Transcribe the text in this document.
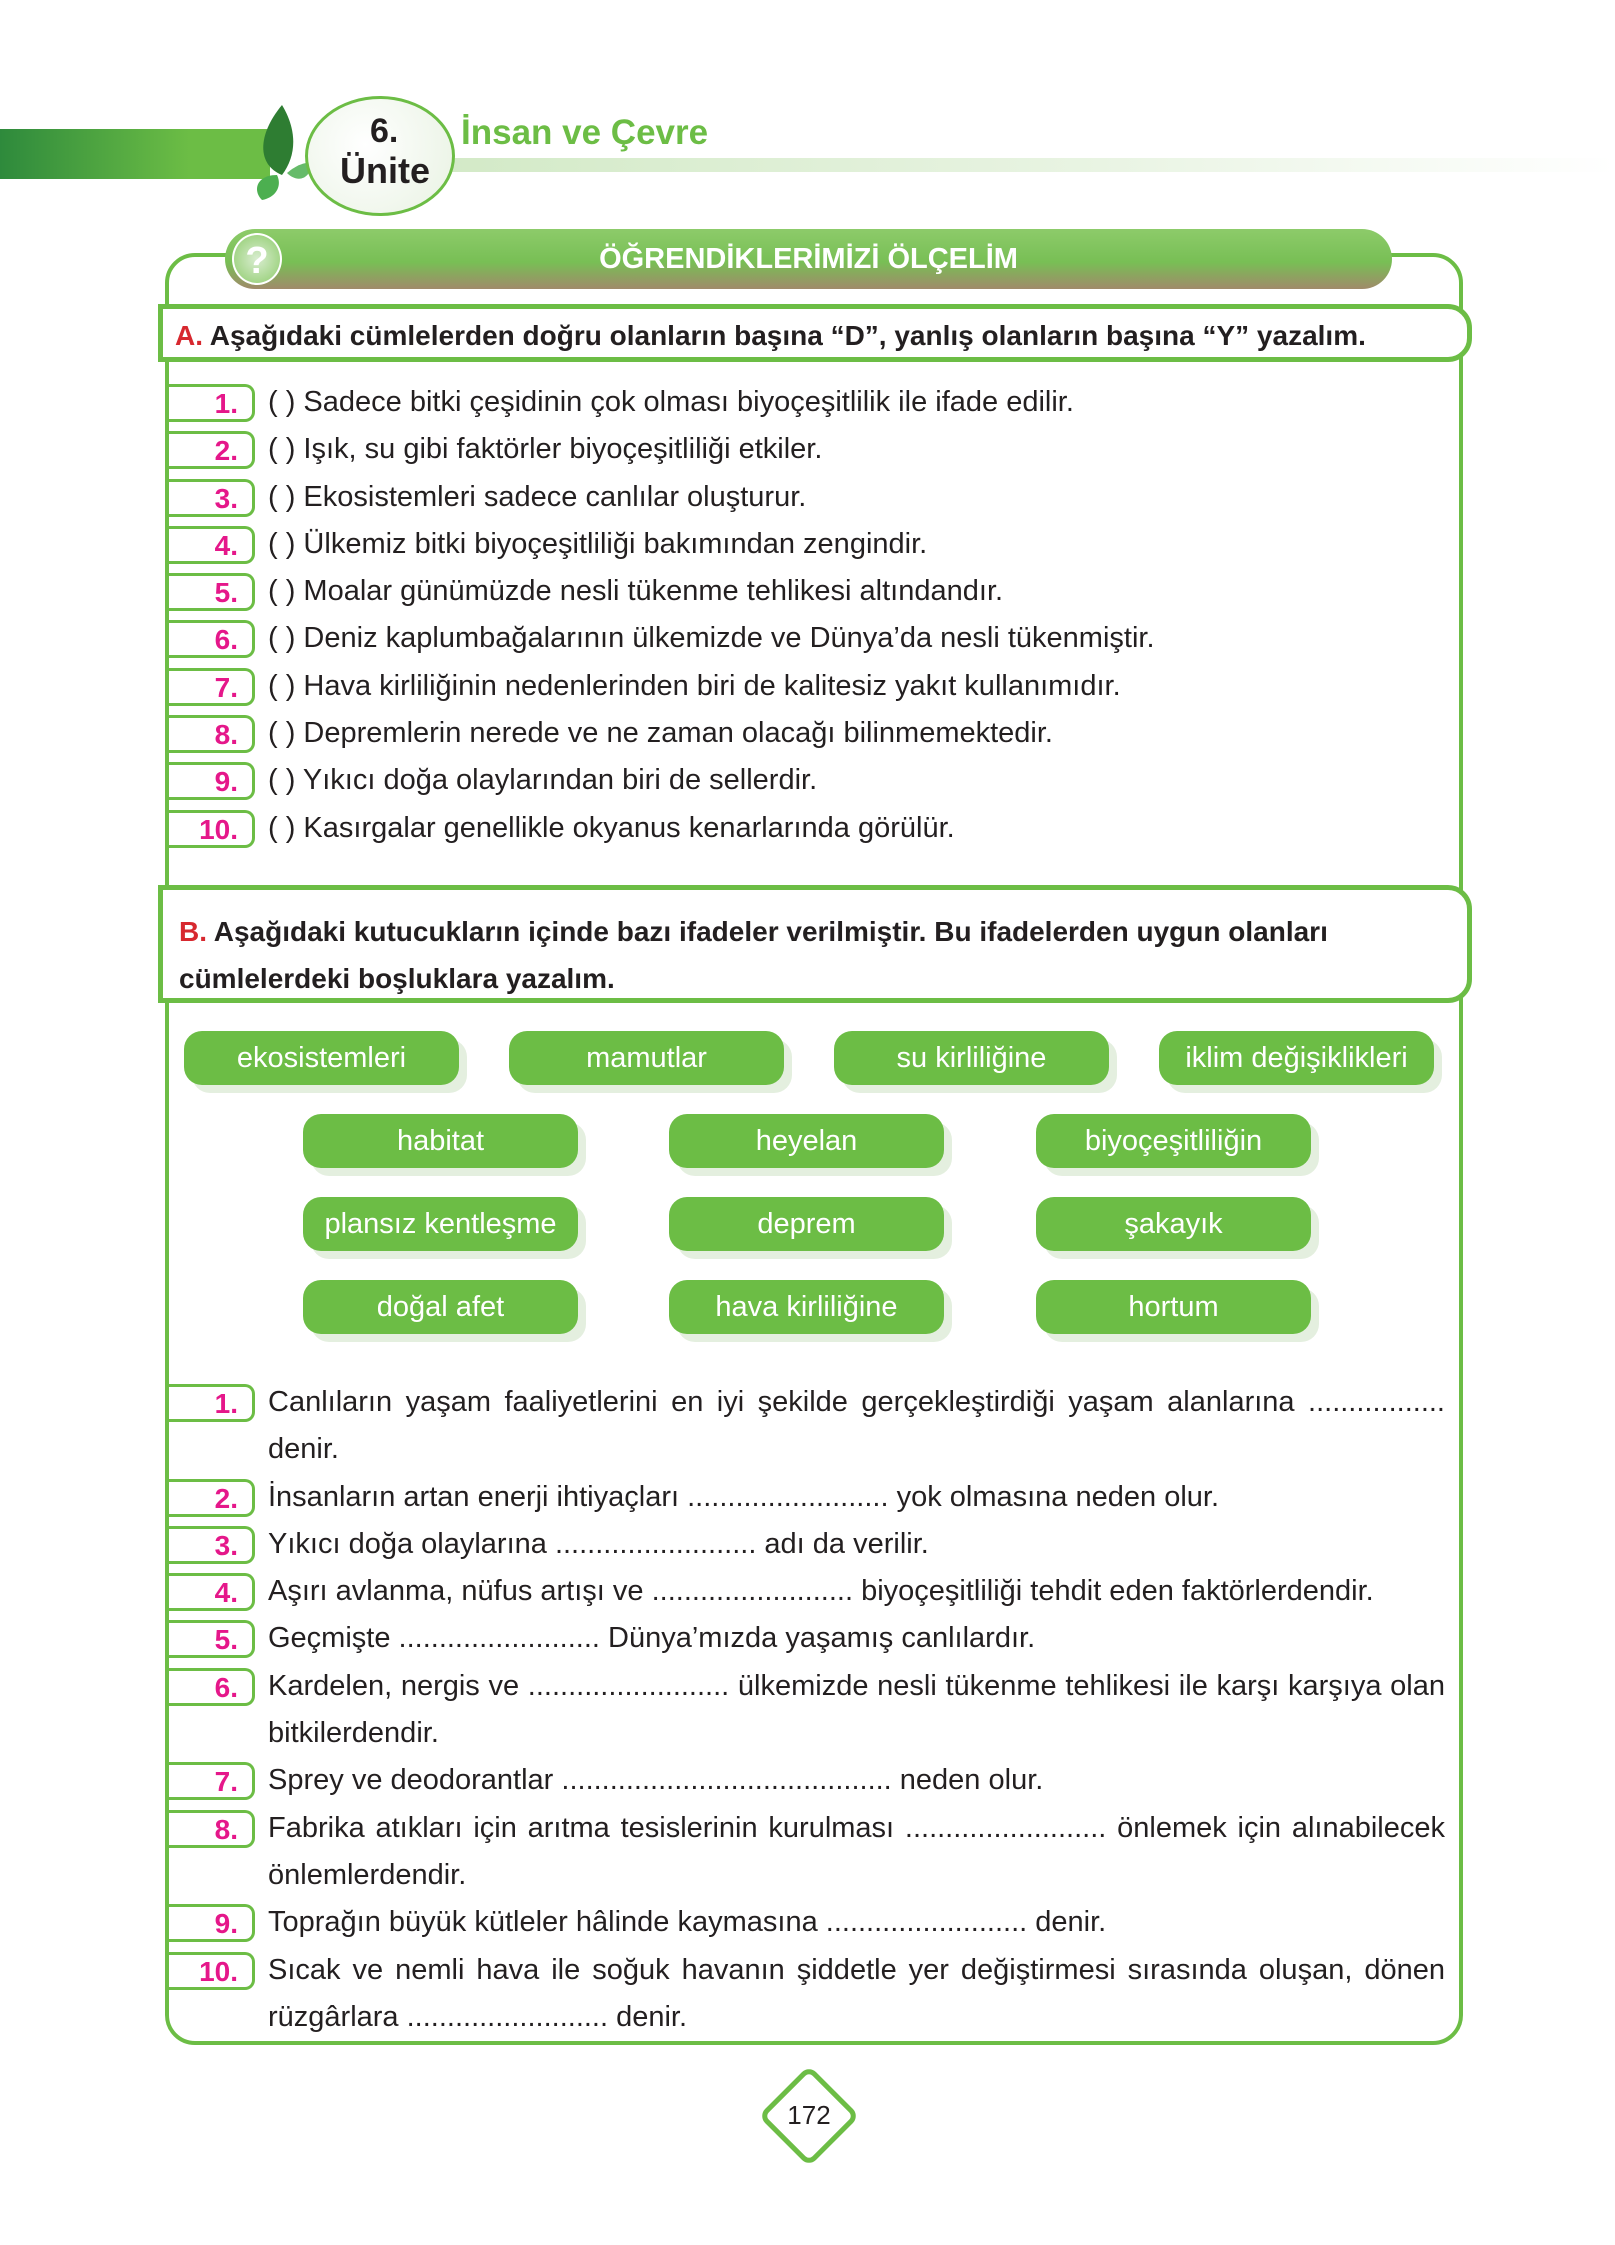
6.
Ünite
İnsan ve Çevre
ÖĞRENDİKLERİMİZİ ÖLÇELİM
?
A. Aşağıdaki cümlelerden doğru olanların başına “D”, yanlış olanların başına “Y” yazalım.
1.	( ) Sadece bitki çeşidinin çok olması biyoçeşitlilik ile ifade edilir.
2.	( ) Işık, su gibi faktörler biyoçeşitliliği etkiler.
3.	( ) Ekosistemleri sadece canlılar oluşturur.
4.	( ) Ülkemiz bitki biyoçeşitliliği bakımından zengindir.
5.	( ) Moalar günümüzde nesli tükenme tehlikesi altındandır.
6.	( ) Deniz kaplumbağalarının ülkemizde ve Dünya’da nesli tükenmiştir.
7.	( ) Hava kirliliğinin nedenlerinden biri de kalitesiz yakıt kullanımıdır.
8.	( ) Depremlerin nerede ve ne zaman olacağı bilinmemektedir.
9.	( ) Yıkıcı doğa olaylarından biri de sellerdir.
10.	( ) Kasırgalar genellikle okyanus kenarlarında görülür.
B. Aşağıdaki kutucukların içinde bazı ifadeler verilmiştir. Bu ifadelerden uygun olanları cümlelerdeki boşluklara yazalım.
ekosistemleri	mamutlar	su kirliliğine	iklim değişiklikleri
habitat	heyelan	biyoçeşitliliğin
plansız kentleşme	deprem	şakayık
doğal afet	hava kirliliğine	hortum
1.	Canlıların yaşam faaliyetlerini en iyi şekilde gerçekleştirdiği yaşam alanlarına ................. denir.
2.	İnsanların artan enerji ihtiyaçları ......................... yok olmasına neden olur.
3.	Yıkıcı doğa olaylarına ......................... adı da verilir.
4.	Aşırı avlanma, nüfus artışı ve ......................... biyoçeşitliliği tehdit eden faktörlerdendir.
5.	Geçmişte ......................... Dünya’mızda yaşamış canlılardır.
6.	Kardelen, nergis ve ......................... ülkemizde nesli tükenme tehlikesi ile karşı karşıya olan bitkilerdendir.
7.	Sprey ve deodorantlar ......................................... neden olur.
8.	Fabrika atıkları için arıtma tesislerinin kurulması ......................... önlemek için alınabilecek önlemlerdendir.
9.	Toprağın büyük kütleler hâlinde kaymasına ......................... denir.
10.	Sıcak ve nemli hava ile soğuk havanın şiddetle yer değiştirmesi sırasında oluşan, dönen rüzgârlara ......................... denir.
172
